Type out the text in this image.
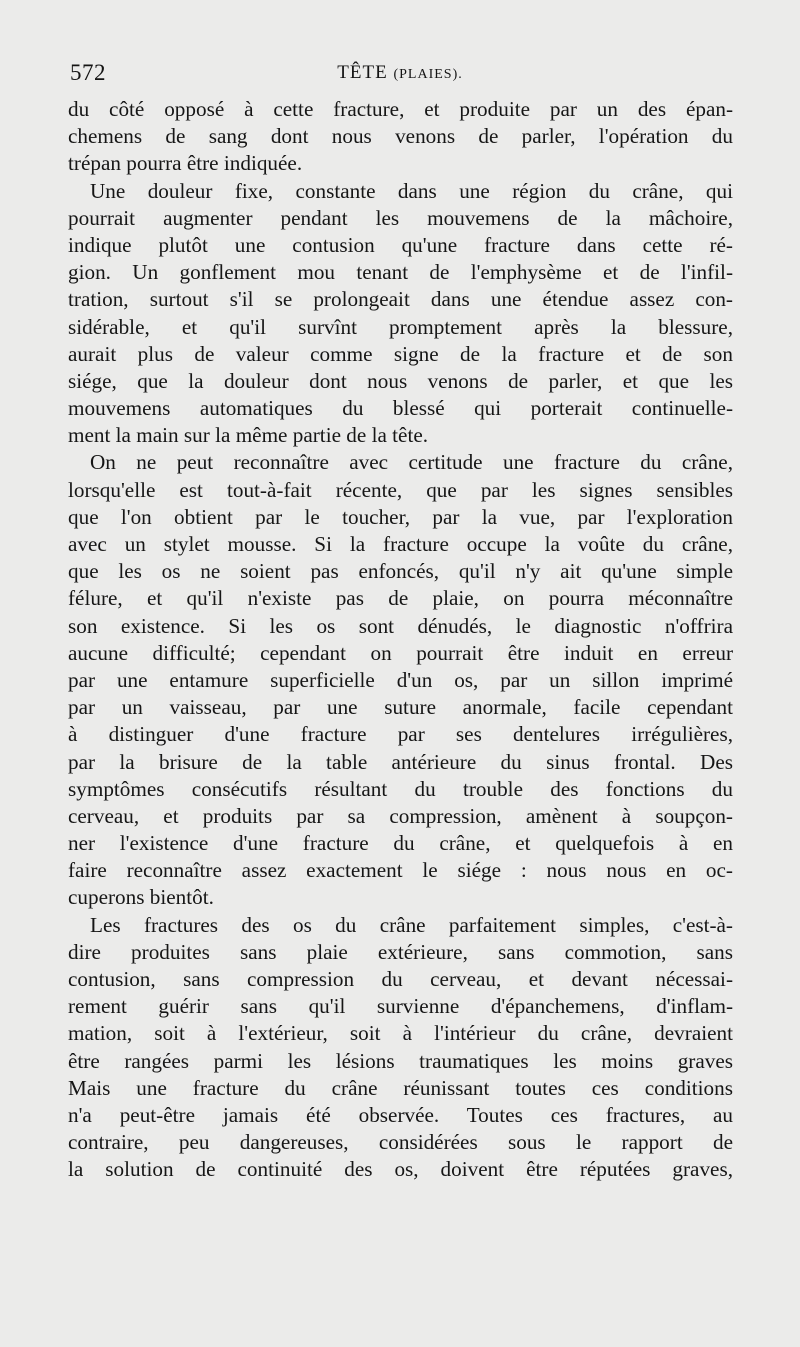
572	TÊTE (PLAIES).
du côté opposé à cette fracture, et produite par un des épan-
chemens de sang dont nous venons de parler, l'opération du
trépan pourra être indiquée.
Une douleur fixe, constante dans une région du crâne, qui
pourrait augmenter pendant les mouvemens de la mâchoire,
indique plutôt une contusion qu'une fracture dans cette ré-
gion. Un gonflement mou tenant de l'emphysème et de l'infil-
tration, surtout s'il se prolongeait dans une étendue assez con-
sidérable, et qu'il survînt promptement après la blessure,
aurait plus de valeur comme signe de la fracture et de son
siége, que la douleur dont nous venons de parler, et que les
mouvemens automatiques du blessé qui porterait continuelle-
ment la main sur la même partie de la tête.
On ne peut reconnaître avec certitude une fracture du crâne,
lorsqu'elle est tout-à-fait récente, que par les signes sensibles
que l'on obtient par le toucher, par la vue, par l'exploration
avec un stylet mousse. Si la fracture occupe la voûte du crâne,
que les os ne soient pas enfoncés, qu'il n'y ait qu'une simple
félure, et qu'il n'existe pas de plaie, on pourra méconnaître
son existence. Si les os sont dénudés, le diagnostic n'offrira
aucune difficulté; cependant on pourrait être induit en erreur
par une entamure superficielle d'un os, par un sillon imprimé
par un vaisseau, par une suture anormale, facile cependant
à distinguer d'une fracture par ses dentelures irrégulières,
par la brisure de la table antérieure du sinus frontal. Des
symptômes consécutifs résultant du trouble des fonctions du
cerveau, et produits par sa compression, amènent à soupçon-
ner l'existence d'une fracture du crâne, et quelquefois à en
faire reconnaître assez exactement le siége : nous nous en oc-
cuperons bientôt.
Les fractures des os du crâne parfaitement simples, c'est-à-
dire produites sans plaie extérieure, sans commotion, sans
contusion, sans compression du cerveau, et devant nécessai-
rement guérir sans qu'il survienne d'épanchemens, d'inflam-
mation, soit à l'extérieur, soit à l'intérieur du crâne, devraient
être rangées parmi les lésions traumatiques les moins graves
Mais une fracture du crâne réunissant toutes ces conditions
n'a peut-être jamais été observée. Toutes ces fractures, au
contraire, peu dangereuses, considérées sous le rapport de
la solution de continuité des os, doivent être réputées graves,
